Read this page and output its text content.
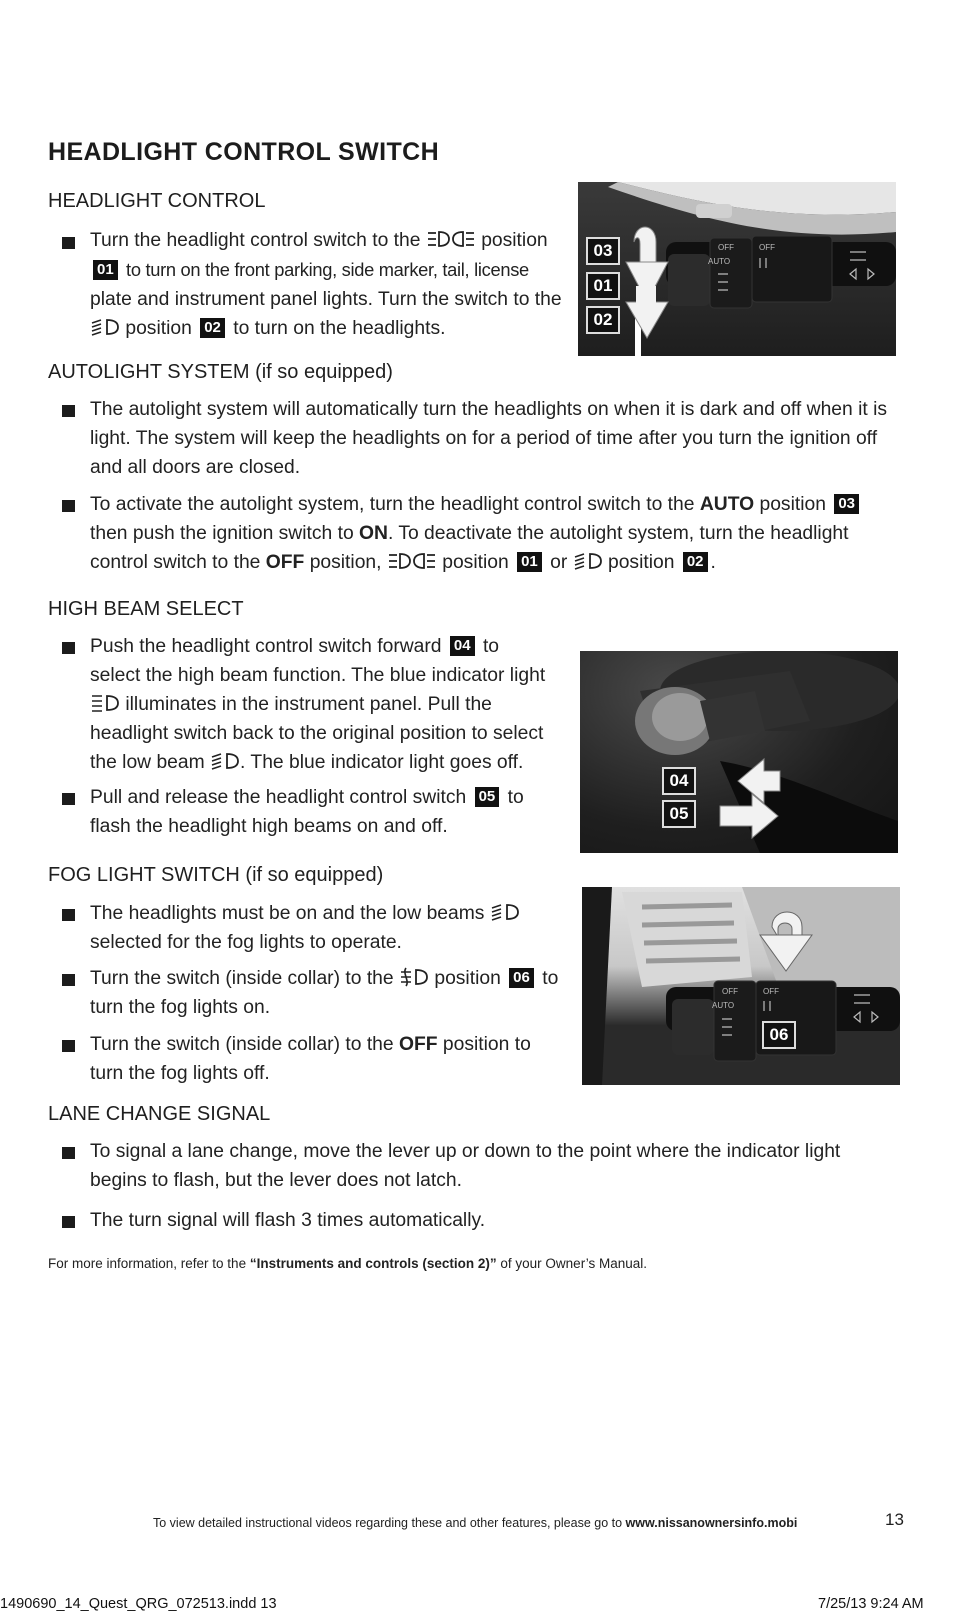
HEADLIGHT CONTROL SWITCH
HEADLIGHT CONTROL
Turn the headlight control switch to the	position
01 to turn on the front parking, side marker, tail, license
plate and instrument panel lights. Turn the switch to the
position 02 to turn on the headlights.
OFF	OFF
AUTO
03
01
02
AUTOLIGHT SYSTEM (if so equipped)
The autolight system will automatically turn the headlights on when it is dark and off when it is
light. The system will keep the headlights on for a period of time after you turn the ignition off
and all doors are closed.
To activate the autolight system, turn the headlight control switch to the AUTO position 03
then push the ignition switch to ON. To deactivate the autolight system, turn the headlight
control switch to the OFF position,	position 01 or position 02 .
HIGH BEAM SELECT
Push the headlight control switch forward 04 to
select the high beam function. The blue indicator light
illuminates in the instrument panel. Pull the
headlight switch back to the original position to select
the low beam . The blue indicator light goes off.
Pull and release the headlight control switch 05 to
flash the headlight high beams on and off.
04
05
FOG LIGHT SWITCH (if so equipped)
The headlights must be on and the low beams
selected for the fog lights to operate.
Turn the switch (inside collar) to the position 06 to
turn the fog lights on.
Turn the switch (inside collar) to the OFF position to
turn the fog lights off.
OFF	OFF
AUTO
06
LANE CHANGE SIGNAL
To signal a lane change, move the lever up or down to the point where the indicator light
begins to flash, but the lever does not latch.
The turn signal will flash 3 times automatically.
For more information, refer to the “Instruments and controls (section 2)” of your Owner’s Manual.
To view detailed instructional videos regarding these and other features, please go to www.nissanownersinfo.mobi	13
1490690_14_Quest_QRG_072513.indd 13	7/25/13 9:24 AM
